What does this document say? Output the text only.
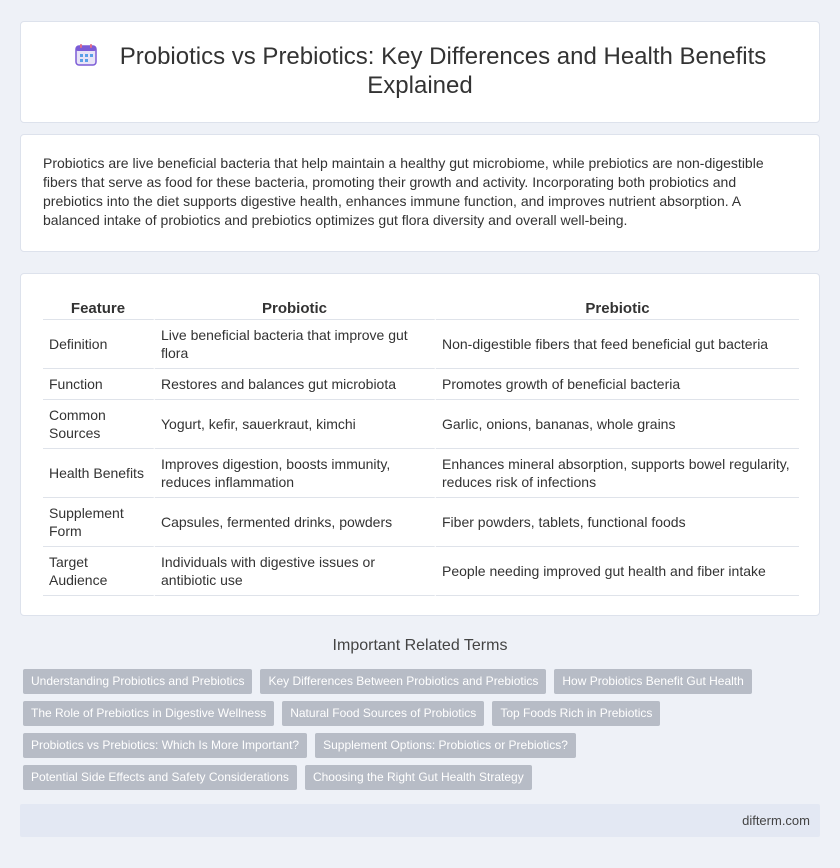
Probiotics vs Prebiotics: Key Differences and Health Benefits Explained

Probiotics are live beneficial bacteria that help maintain a healthy gut microbiome, while prebiotics are non-digestible fibers that serve as food for these bacteria, promoting their growth and activity. Incorporating both probiotics and prebiotics into the diet supports digestive health, enhances immune function, and improves nutrient absorption. A balanced intake of probiotics and prebiotics optimizes gut flora diversity and overall well-being.

Feature	Probiotic	Prebiotic
Definition	Live beneficial bacteria that improve gut flora	Non-digestible fibers that feed beneficial gut bacteria
Function	Restores and balances gut microbiota	Promotes growth of beneficial bacteria
Common Sources	Yogurt, kefir, sauerkraut, kimchi	Garlic, onions, bananas, whole grains
Health Benefits	Improves digestion, boosts immunity, reduces inflammation	Enhances mineral absorption, supports bowel regularity, reduces risk of infections
Supplement Form	Capsules, fermented drinks, powders	Fiber powders, tablets, functional foods
Target Audience	Individuals with digestive issues or antibiotic use	People needing improved gut health and fiber intake
Important Related Terms
Understanding Probiotics and Prebiotics	Key Differences Between Probiotics and Prebiotics	How Probiotics Benefit Gut Health
The Role of Prebiotics in Digestive Wellness	Natural Food Sources of Probiotics	Top Foods Rich in Prebiotics
Probiotics vs Prebiotics: Which Is More Important?	Supplement Options: Probiotics or Prebiotics?
Potential Side Effects and Safety Considerations	Choosing the Right Gut Health Strategy
difterm.com
